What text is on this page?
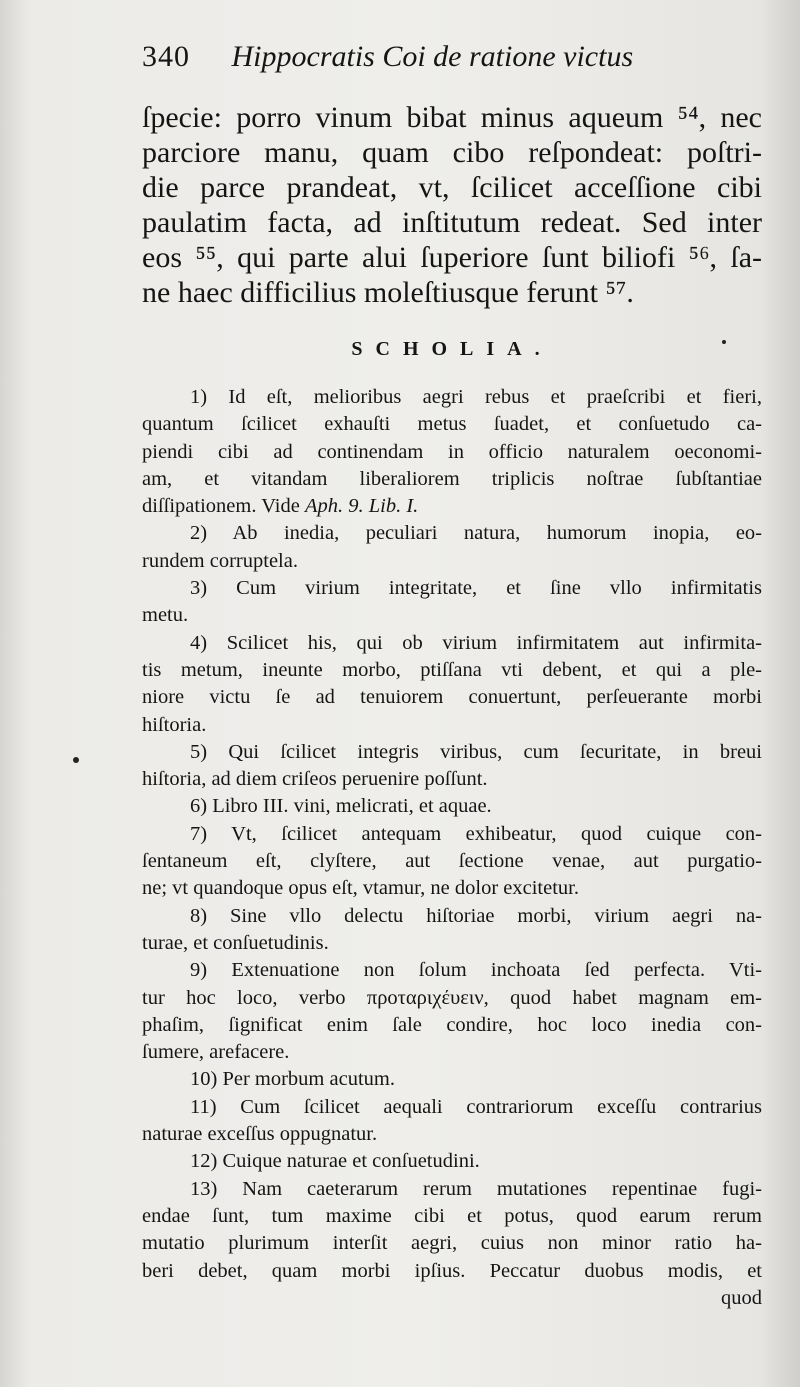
340 Hippocratis Coi de ratione victus
ſpecie: porro vinum bibat minus aqueum ⁵⁴, nec
parciore manu, quam cibo reſpondeat: poſtri-
die parce prandeat, vt, ſcilicet acceſſione cibi
paulatim facta, ad inſtitutum redeat. Sed inter
eos ⁵⁵, qui parte alui ſuperiore ſunt biliofi ⁵⁶, ſa-
ne haec difficilius moleſtiusque ferunt ⁵⁷.
SCHOLIA.
1) Id eſt, melioribus aegri rebus et praeſcribi et fieri,
quantum ſcilicet exhauſti metus ſuadet, et conſuetudo ca-
piendi cibi ad continendam in officio naturalem oeconomi-
am, et vitandam liberaliorem triplicis noſtrae ſubſtantiae
diſſipationem. Vide Aph. 9. Lib. I.
2) Ab inedia, peculiari natura, humorum inopia, eo-
rundem corruptela.
3) Cum virium integritate, et ſine vllo infirmitatis
metu.
4) Scilicet his, qui ob virium infirmitatem aut infirmita-
tis metum, ineunte morbo, ptiſſana vti debent, et qui a ple-
niore victu ſe ad tenuiorem conuertunt, perſeuerante morbi
hiſtoria.
5) Qui ſcilicet integris viribus, cum ſecuritate, in breui
hiſtoria, ad diem criſeos peruenire poſſunt.
6) Libro III. vini, melicrati, et aquae.
7) Vt, ſcilicet antequam exhibeatur, quod cuique con-
ſentaneum eſt, clyſtere, aut ſectione venae, aut purgatio-
ne; vt quandoque opus eſt, vtamur, ne dolor excitetur.
8) Sine vllo delectu hiſtoriae morbi, virium aegri na-
turae, et conſuetudinis.
9) Extenuatione non ſolum inchoata ſed perfecta. Vti-
tur hoc loco, verbo προταριχέυειν, quod habet magnam em-
phaſim, ſignificat enim ſale condire, hoc loco inedia con-
ſumere, arefacere.
10) Per morbum acutum.
11) Cum ſcilicet aequali contrariorum exceſſu contrarius
naturae exceſſus oppugnatur.
12) Cuique naturae et conſuetudini.
13) Nam caeterarum rerum mutationes repentinae fugi-
endae ſunt, tum maxime cibi et potus, quod earum rerum
mutatio plurimum interſit aegri, cuius non minor ratio ha-
beri debet, quam morbi ipſius. Peccatur duobus modis, et
quod
